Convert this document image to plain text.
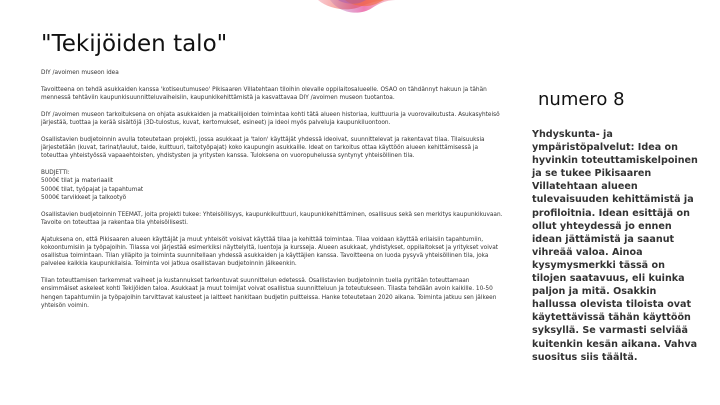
"Tekijöiden talo"

DIY /avoimen museon idea

Tavoitteena on tehdä asukkaiden kanssa 'kotiseutumuseo' Pikisaaren Villatehtaan tiloihin olevalle oppilaitosalueelle. OSAO on tähdännyt hakuun ja tähän mennessä tehtäviin kaupunkisuunnitteluvaiheisiin, kaupunkikehittämistä ja kasvattavaa DIY /avoimen museon tuotantoa.

DIY /avoimen museon tarkoituksena on ohjata asukkaiden ja matkailijoiden toimintaa kohti tätä alueen historiaa, kulttuuria ja vuorovaikutusta. Asukasyhteisö järjestää, tuottaa ja kerää sisältöjä (3D-tulostus, kuvat, kertomukset, esineet) ja ideoi myös palveluja kaupunkiluontoon.

Osallistavien budjetoinnin avulla toteutetaan projekti, jossa asukkaat ja 'talon' käyttäjät yhdessä ideoivat, suunnittelevat ja rakentavat tilaa. Tilaisuuksia järjestetään (kuvat, tarinat/laulut, taide, kulttuuri, taitotyöpajat) koko kaupungin asukkaille. Ideat on tarkoitus ottaa käyttöön alueen kehittämisessä ja toteuttaa yhteistyössä vapaaehtoisten, yhdistysten ja yritysten kanssa. Tuloksena on vuoropuhelussa syntynyt yhteisöllinen tila.

BUDJETTI:
5000€ tilat ja materiaalit
5000€ tilat, työpajat ja tapahtumat
5000€ tarvikkeet ja talkootyö

Osallistavien budjetoinnin TEEMAT, joita projekti tukee: Yhteisöllisyys, kaupunkikulttuuri, kaupunkikehittäminen, osallisuus sekä sen merkitys kaupunkikuvaan. Tavoite on toteuttaa ja rakentaa tila yhteisöllisesti.

Ajatuksena on, että Pikisaaren alueen käyttäjät ja muut yhteisöt voisivat käyttää tilaa ja kehittää toimintaa. Tilaa voidaan käyttää erilaisiin tapahtumiin, kokoontumisiin ja työpajoihin. Tilassa voi järjestää esimerkiksi näyttelyitä, luentoja ja kursseja. Alueen asukkaat, yhdistykset, oppilaitokset ja yritykset voivat osallistua toimintaan. Tilan ylläpito ja toiminta suunnitellaan yhdessä asukkaiden ja käyttäjien kanssa. Tavoitteena on luoda pysyvä yhteisöllinen tila, joka palvelee kaikkia kaupunkilaisia. Toiminta voi jatkua osallistavan budjetoinnin jälkeenkin.

Tilan toteuttamisen tarkemmat vaiheet ja kustannukset tarkentuvat suunnittelun edetessä. Osallistavien budjetoinnin tuella pyritään toteuttamaan ensimmäiset askeleet kohti Tekijöiden taloa. Asukkaat ja muut toimijat voivat osallistua suunnitteluun ja toteutukseen. Tilasta tehdään avoin kaikille. 10-50 hengen tapahtumiin ja työpajoihin tarvittavat kalusteet ja laitteet hankitaan budjetin puitteissa. Hanke toteutetaan 2020 aikana. Toiminta jatkuu sen jälkeen yhteisön voimin.

numero 8
Yhdyskunta- ja ympäristöpalvelut: Idea on hyvinkin toteuttamiskelpoinen ja se tukee Pikisaaren Villatehtaan alueen tulevaisuuden kehittämistä ja profiloitnia. Idean esittäjä on ollut yhteydessä jo ennen idean jättämistä ja saanut vihreää valoa. Ainoa kysymysmerkki tässä on tilojen saatavuus, eli kuinka paljon ja mitä. Osakkin hallussa olevista tiloista ovat käytettävissä tähän käyttöön syksyllä. Se varmasti selviää kuitenkin kesän aikana. Vahva suositus siis täältä.
